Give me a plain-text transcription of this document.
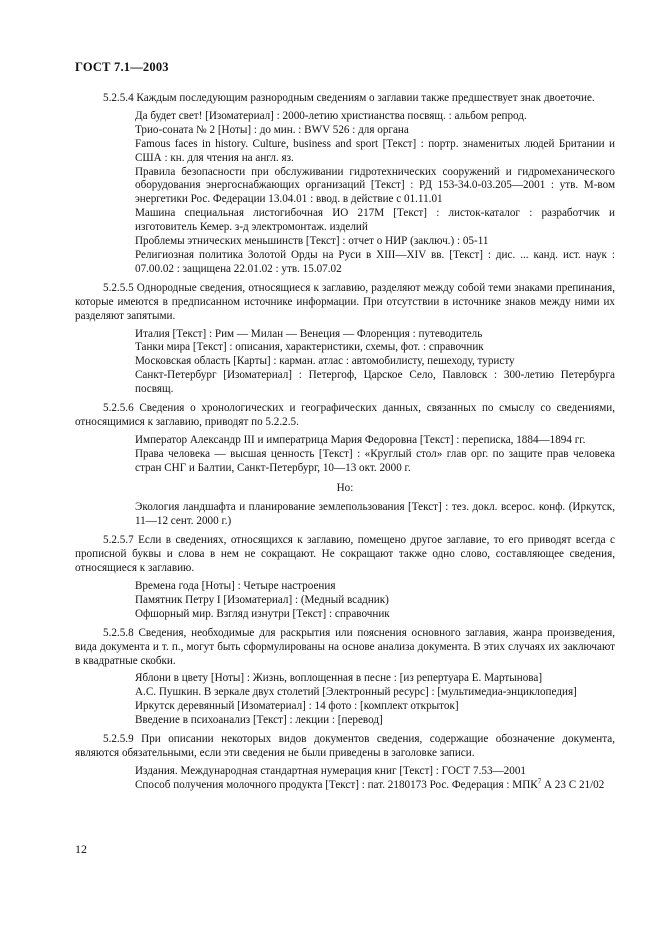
ГОСТ 7.1—2003

5.2.5.4 Каждым последующим разнородным сведениям о заглавии также предшествует знак двоеточие.

Да будет свет! [Изоматериал] : 2000-летию христианства посвящ. : альбом репрод.

Трио-соната № 2 [Ноты] : до мин. : BWV 526 : для органа

Famous faces in history. Culture, business and sport [Текст] : портр. знаменитых людей Британии и США : кн. для чтения на англ. яз.

Правила безопасности при обслуживании гидротехнических сооружений и гидромеханического оборудования энергоснабжающих организаций [Текст] : РД 153-34.0-03.205—2001 : утв. М-вом энергетики Рос. Федерации 13.04.01 : ввод. в действие с 01.11.01

Машина специальная листогибочная ИО 217М [Текст] : листок-каталог : разработчик и изготовитель Кемер. з-д электромонтаж. изделий

Проблемы этнических меньшинств [Текст] : отчет о НИР (заключ.) : 05-11

Религиозная политика Золотой Орды на Руси в XIII—XIV вв. [Текст] : дис. ... канд. ист. наук : 07.00.02 : защищена 22.01.02 : утв. 15.07.02

5.2.5.5 Однородные сведения, относящиеся к заглавию, разделяют между собой теми знаками препинания, которые имеются в предписанном источнике информации. При отсутствии в источнике знаков между ними их разделяют запятыми.

Италия [Текст] : Рим — Милан — Венеция — Флоренция : путеводитель

Танки мира [Текст] : описания, характеристики, схемы, фот. : справочник

Московская область [Карты] : карман. атлас : автомобилисту, пешеходу, туристу

Санкт-Петербург [Изоматериал] : Петергоф, Царское Село, Павловск : 300-летию Петербурга посвящ.

5.2.5.6 Сведения о хронологических и географических данных, связанных по смыслу со сведениями, относящимися к заглавию, приводят по 5.2.2.5.

Император Александр III и императрица Мария Федоровна [Текст] : переписка, 1884—1894 гг.

Права человека — высшая ценность [Текст] : «Круглый стол» глав орг. по защите прав человека стран СНГ и Балтии, Санкт-Петербург, 10—13 окт. 2000 г.

Но:

Экология ландшафта и планирование землепользования [Текст] : тез. докл. всерос. конф. (Иркутск, 11—12 сент. 2000 г.)

5.2.5.7 Если в сведениях, относящихся к заглавию, помещено другое заглавие, то его приводят всегда с прописной буквы и слова в нем не сокращают. Не сокращают также одно слово, составляющее сведения, относящиеся к заглавию.

Времена года [Ноты] : Четыре настроения

Памятник Петру I [Изоматериал] : (Медный всадник)

Офшорный мир. Взгляд изнутри [Текст] : справочник

5.2.5.8 Сведения, необходимые для раскрытия или пояснения основного заглавия, жанра произведения, вида документа и т. п., могут быть сформулированы на основе анализа документа. В этих случаях их заключают в квадратные скобки.

Яблони в цвету [Ноты] : Жизнь, воплощенная в песне : [из репертуара Е. Мартынова]

А.С. Пушкин. В зеркале двух столетий [Электронный ресурс] : [мультимедиа-энциклопедия]

Иркутск деревянный [Изоматериал] : 14 фото : [комплект открыток]

Введение в психоанализ [Текст] : лекции : [перевод]

5.2.5.9 При описании некоторых видов документов сведения, содержащие обозначение документа, являются обязательными, если эти сведения не были приведены в заголовке записи.

Издания. Международная стандартная нумерация книг [Текст] : ГОСТ 7.53—2001

Способ получения молочного продукта [Текст] : пат. 2180173 Рос. Федерация : МПК$^7$ А 23 С 21/02

12
